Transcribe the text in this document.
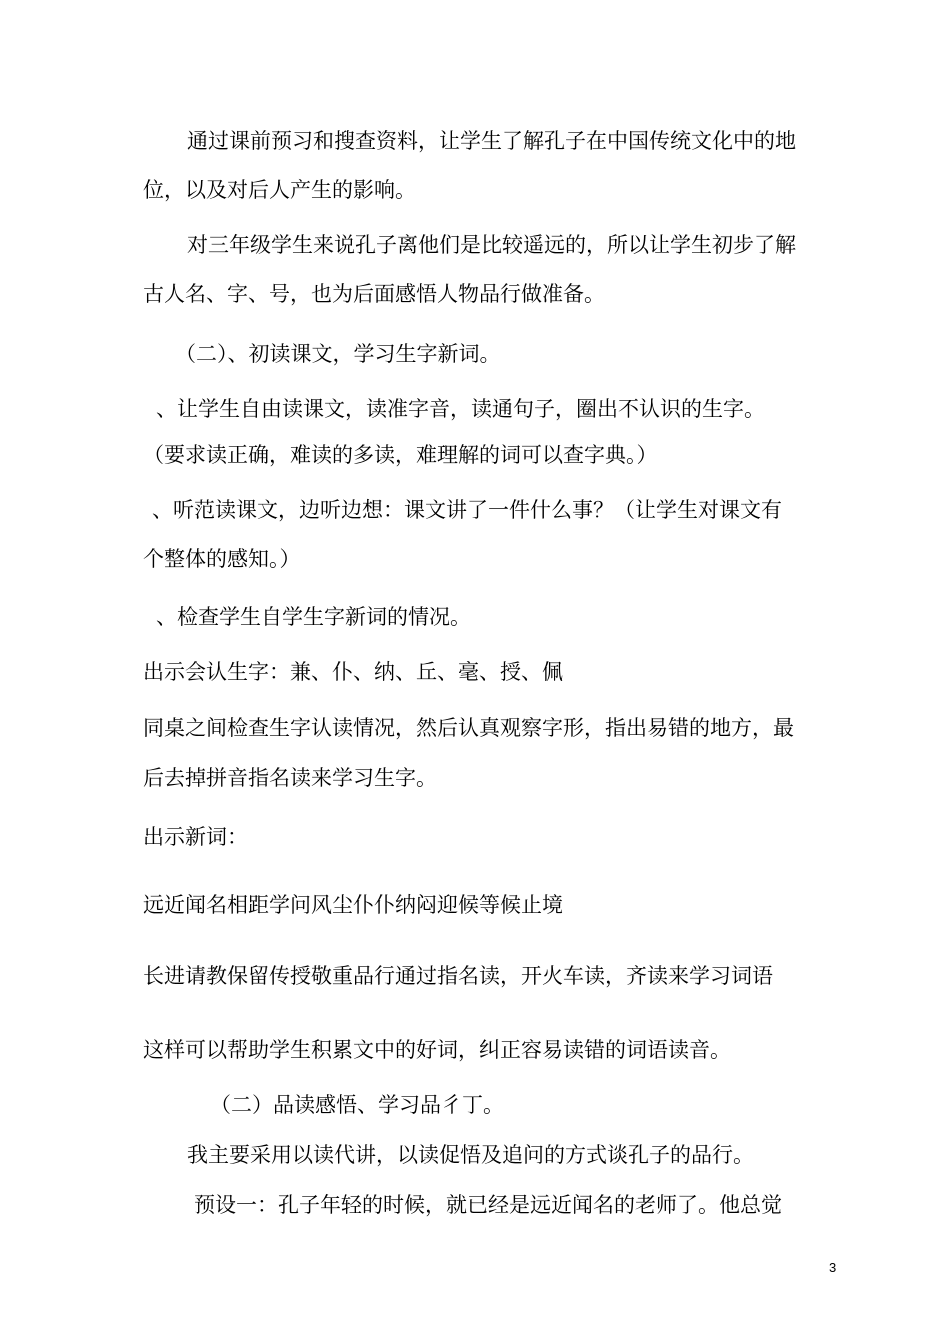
通过课前预习和搜查资料，让学生了解孔子在中国传统文化中的地

位，以及对后人产生的影响。

对三年级学生来说孔子离他们是比较遥远的，所以让学生初步了解

古人名、字、号，也为后面感悟人物品行做准备。

（二）、初读课文，学习生字新词。

、让学生自由读课文，读准字音，读通句子，圈出不认识的生字。

（要求读正确，难读的多读，难理解的词可以查字典。）

、听范读课文，边听边想：课文讲了一件什么事？（让学生对课文有

个整体的感知。）

、检查学生自学生字新词的情况。

出示会认生字：兼、仆、纳、丘、毫、授、佩

同桌之间检查生字认读情况，然后认真观察字形，指出易错的地方，最

后去掉拼音指名读来学习生字。

出示新词：

远近闻名相距学问风尘仆仆纳闷迎候等候止境

长进请教保留传授敬重品行通过指名读，开火车读，齐读来学习词语

这样可以帮助学生积累文中的好词，纠正容易读错的词语读音。

（二）品读感悟、学习品彳丁。

我主要采用以读代讲，以读促悟及追问的方式谈孔子的品行。

预设一：孔子年轻的时候，就已经是远近闻名的老师了。他总觉

3
